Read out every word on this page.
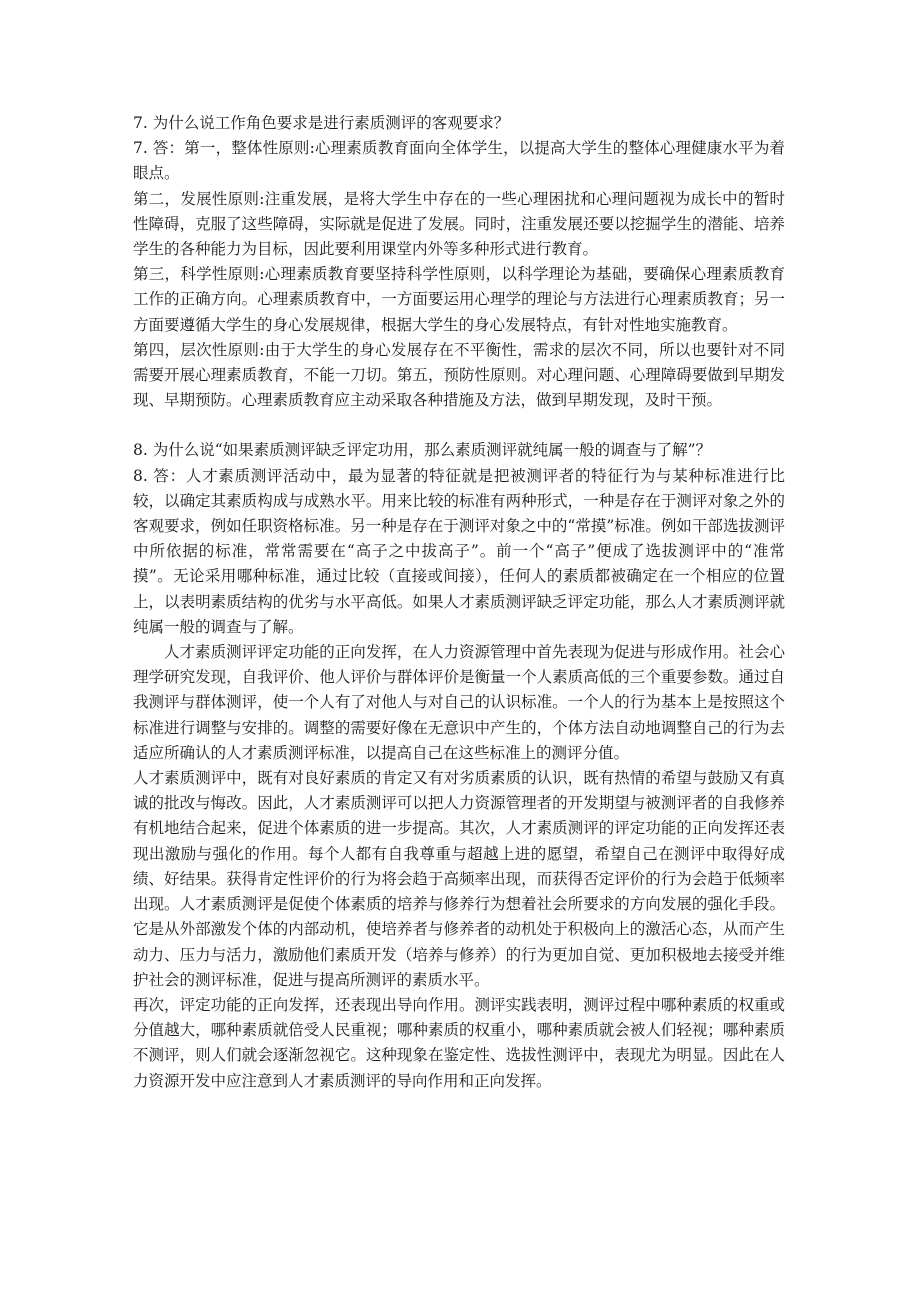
7. 为什么说工作角色要求是进行素质测评的客观要求？

7. 答：第一，整体性原则:心理素质教育面向全体学生，以提高大学生的整体心理健康水平为着眼点。

第二，发展性原则:注重发展，是将大学生中存在的一些心理困扰和心理问题视为成长中的暂时性障碍，克服了这些障碍，实际就是促进了发展。同时，注重发展还要以挖掘学生的潜能、培养学生的各种能力为目标，因此要利用课堂内外等多种形式进行教育。

第三，科学性原则:心理素质教育要坚持科学性原则，以科学理论为基础，要确保心理素质教育工作的正确方向。心理素质教育中，一方面要运用心理学的理论与方法进行心理素质教育；另一方面要遵循大学生的身心发展规律，根据大学生的身心发展特点，有针对性地实施教育。

第四，层次性原则:由于大学生的身心发展存在不平衡性，需求的层次不同，所以也要针对不同需要开展心理素质教育，不能一刀切。第五，预防性原则。对心理问题、心理障碍要做到早期发现、早期预防。心理素质教育应主动采取各种措施及方法，做到早期发现，及时干预。

8. 为什么说“如果素质测评缺乏评定功用，那么素质测评就纯属一般的调查与了解”？

8. 答：人才素质测评活动中，最为显著的特征就是把被测评者的特征行为与某种标准进行比较，以确定其素质构成与成熟水平。用来比较的标准有两种形式，一种是存在于测评对象之外的客观要求，例如任职资格标准。另一种是存在于测评对象之中的“常摸”标准。例如干部选拔测评中所依据的标准，常常需要在“高子之中拔高子”。前一个“高子”便成了选拔测评中的“准常摸”。无论采用哪种标准，通过比较（直接或间接），任何人的素质都被确定在一个相应的位置上，以表明素质结构的优劣与水平高低。如果人才素质测评缺乏评定功能，那么人才素质测评就纯属一般的调查与了解。

人才素质测评评定功能的正向发挥，在人力资源管理中首先表现为促进与形成作用。社会心理学研究发现，自我评价、他人评价与群体评价是衡量一个人素质高低的三个重要参数。通过自我测评与群体测评，使一个人有了对他人与对自己的认识标准。一个人的行为基本上是按照这个标准进行调整与安排的。调整的需要好像在无意识中产生的，个体方法自动地调整自己的行为去适应所确认的人才素质测评标准，以提高自己在这些标准上的测评分值。

人才素质测评中，既有对良好素质的肯定又有对劣质素质的认识，既有热情的希望与鼓励又有真诚的批改与悔改。因此，人才素质测评可以把人力资源管理者的开发期望与被测评者的自我修养有机地结合起来，促进个体素质的进一步提高。其次，人才素质测评的评定功能的正向发挥还表现出激励与强化的作用。每个人都有自我尊重与超越上进的愿望，希望自己在测评中取得好成绩、好结果。获得肯定性评价的行为将会趋于高频率出现，而获得否定评价的行为会趋于低频率出现。人才素质测评是促使个体素质的培养与修养行为想着社会所要求的方向发展的强化手段。它是从外部激发个体的内部动机，使培养者与修养者的动机处于积极向上的激活心态，从而产生动力、压力与活力，激励他们素质开发（培养与修养）的行为更加自觉、更加积极地去接受并维护社会的测评标准，促进与提高所测评的素质水平。

再次，评定功能的正向发挥，还表现出导向作用。测评实践表明，测评过程中哪种素质的权重或分值越大，哪种素质就倍受人民重视；哪种素质的权重小，哪种素质就会被人们轻视；哪种素质不测评，则人们就会逐渐忽视它。这种现象在鉴定性、选拔性测评中，表现尤为明显。因此在人力资源开发中应注意到人才素质测评的导向作用和正向发挥。
